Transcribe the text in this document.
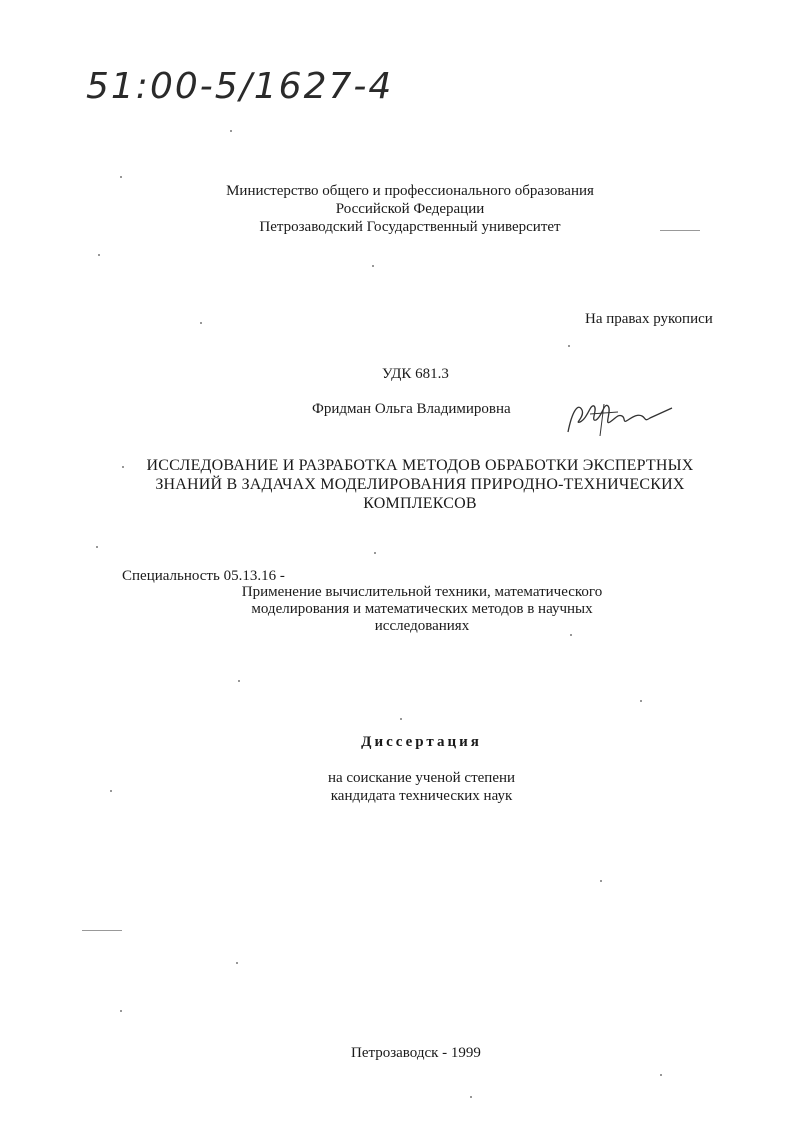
51:00-5/1627-4
Министерство общего и профессионального образования
Российской Федерации
Петрозаводский Государственный университет
На правах рукописи
УДК 681.3
Фридман Ольга Владимировна
ИССЛЕДОВАНИЕ И РАЗРАБОТКА МЕТОДОВ ОБРАБОТКИ ЭКСПЕРТНЫХ
ЗНАНИЙ В ЗАДАЧАХ МОДЕЛИРОВАНИЯ ПРИРОДНО-ТЕХНИЧЕСКИХ
КОМПЛЕКСОВ
Специальность 05.13.16 -
Применение вычислительной техники, математического
моделирования и математических методов в научных
исследованиях
Диссертация
на соискание ученой степени
кандидата технических наук
Петрозаводск - 1999
